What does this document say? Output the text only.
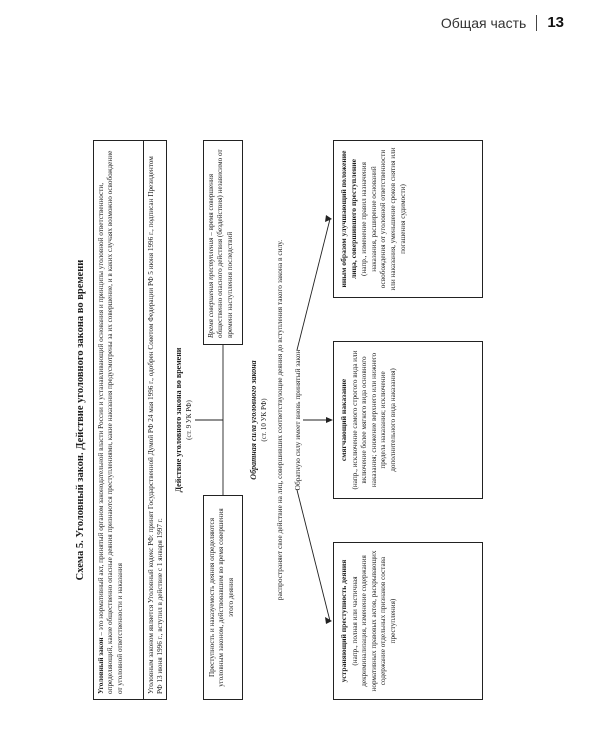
Общая часть 13
Схема 5. Уголовный закон. Действие уголовного закона во времени
Уголовный закон – это нормативный акт, принятый органом законодательной власти России и устанавливающий основания и принципы уголовной ответственности, определяющий, какие общественно опасные деяния признаются преступлениями, какие наказания предусмотрены за их совершение, и в каких случаях возможно освобождение от уголовной ответственности и наказания	Уголовным законом является Уголовный кодекс РФ: принят Государственной Думой РФ 24 мая 1996 г., одобрен Советом Федерации РФ 5 июня 1996 г., подписан Президентом РФ 13 июня 1996 г., вступил в действие с 1 января 1997 г.
Действие уголовного закона во времени (ст. 9 УК РФ)
Преступность и наказуемость деяния определяются уголовным законом, действовавшим во время совершения этого деяния
Время совершения преступления – время совершения общественно опасного действия (бездействия) независимо от времени наступления последствий
Обратная сила уголовного закона (ст. 10 УК РФ) распространяет свое действие на лиц, совершивших соответствующие деяния до вступления такого закона в силу. Обратную силу имеет вновь принятый закон
устраняющий преступность деяния (напр., полная или частичная декриминализация, изменение содержания нормативных правовых актов, раскрывающих содержание отдельных признаков состава преступления)
смягчающий наказание (напр., исключение самого строгого вида или включение более мягкого вида основного наказания; снижение верхнего или нижнего предела наказания; исключение дополнительного вида наказания)
иным образом улучшающий положение лица, совершившего преступление (напр., изменение правил назначения наказания, расширение оснований освобождения от уголовной ответственности или наказания, уменьшение сроков снятия или погашения судимости)
